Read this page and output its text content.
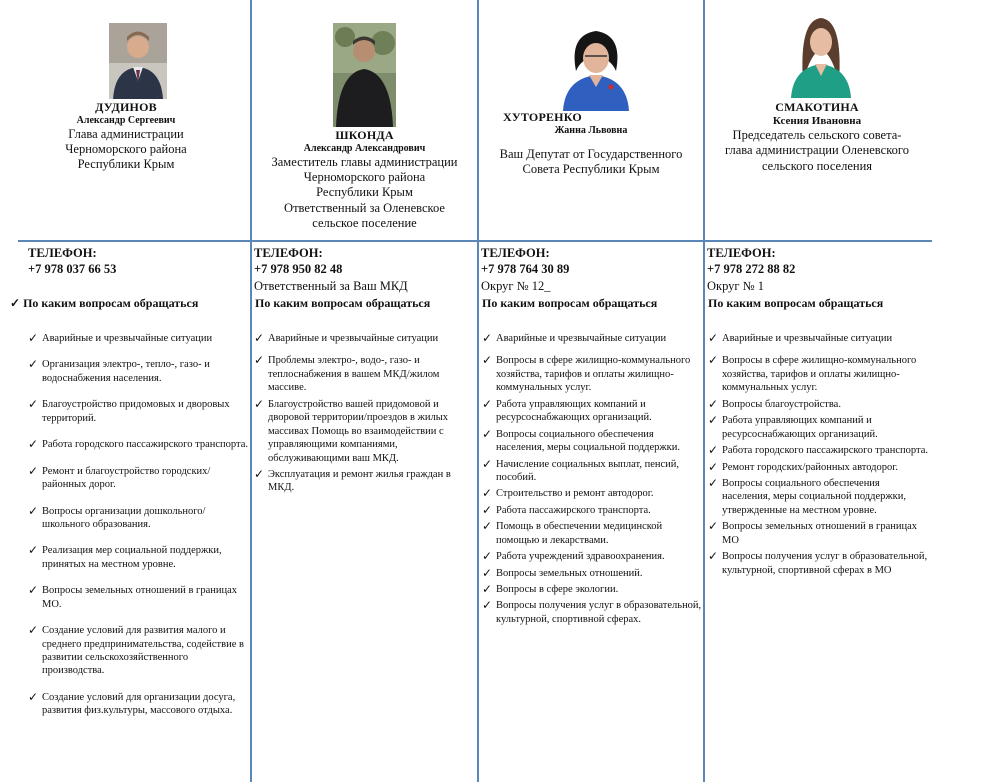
ДУДИНОВ
Александр Сергеевич
Глава администрации
Черноморского района
Республики Крым
ТЕЛЕФОН:
+7 978 037 66 53
✓ По каким вопросам обращаться
✓ Аварийные и чрезвычайные ситуации
✓ Организация электро-, тепло-, газо- и водоснабжения населения.
✓ Благоустройство придомовых и дворовых территорий.
✓ Работа городского пассажирского транспорта.
✓ Ремонт и благоустройство городских/ районных дорог.
✓ Вопросы организации дошкольного/ школьного образования.
✓ Реализация мер социальной поддержки, принятых на местном уровне.
✓ Вопросы земельных отношений в границах МО.
✓ Создание условий для развития малого и среднего предпринимательства, содействие в развитии сельскохозяйственного производства.
✓ Создание условий для организации досуга, развития физ.культуры, массового отдыха.
ШКОНДА
Александр Александрович
Заместитель главы администрации
Черноморского района
Республики Крым
Ответственный за Оленевское
сельское поселение
ТЕЛЕФОН:
+7 978 950 82 48
Ответственный за Ваш МКД
По каким вопросам обращаться
✓ Аварийные и чрезвычайные ситуации
✓ Проблемы электро-, водо-, газо- и теплоснабжения в вашем МКД/жилом массиве.
✓ Благоустройство вашей придомовой и дворовой территории/проездов в жилых массивах Помощь во взаимодействии с управляющими компаниями, обслуживающими ваш МКД.
✓ Эксплуатация и ремонт жилья граждан в МКД.
ХУТОРЕНКО
Жанна Львовна
Ваш Депутат от Государственного
Совета Республики Крым
ТЕЛЕФОН:
+7 978 764 30 89
Округ № 12_
По каким вопросам обращаться
✓ Аварийные и чрезвычайные ситуации
✓ Вопросы в сфере жилищно-коммунального хозяйства, тарифов и оплаты жилищно-коммунальных услуг.
✓ Работа управляющих компаний и ресурсоснабжающих организаций.
✓ Вопросы социального обеспечения населения, меры социальной поддержки.
✓ Начисление социальных выплат, пенсий, пособий.
✓ Строительство и ремонт автодорог.
✓ Работа пассажирского транспорта.
✓ Помощь в обеспечении медицинской помощью и лекарствами.
✓ Работа учреждений здравоохранения.
✓ Вопросы земельных отношений.
✓ Вопросы в сфере экологии.
✓ Вопросы получения услуг в образовательной, культурной, спортивной сферах.
СМАКОТИНА
Ксения Ивановна
Председатель сельского совета-
глава администрации Оленевского
сельского поселения
ТЕЛЕФОН:
+7 978 272 88 82
Округ № 1
По каким вопросам обращаться
✓ Аварийные и чрезвычайные ситуации
✓ Вопросы в сфере жилищно-коммунального хозяйства, тарифов и оплаты жилищно-коммунальных услуг.
✓ Вопросы благоустройства.
✓ Работа управляющих компаний и ресурсоснабжающих организаций.
✓ Работа городского пассажирского транспорта.
✓ Ремонт городских/районных автодорог.
✓ Вопросы социального обеспечения населения, меры социальной поддержки, утвержденные на местном уровне.
✓ Вопросы земельных отношений в границах МО
✓ Вопросы получения услуг в образовательной, культурной, спортивной сферах в МО
